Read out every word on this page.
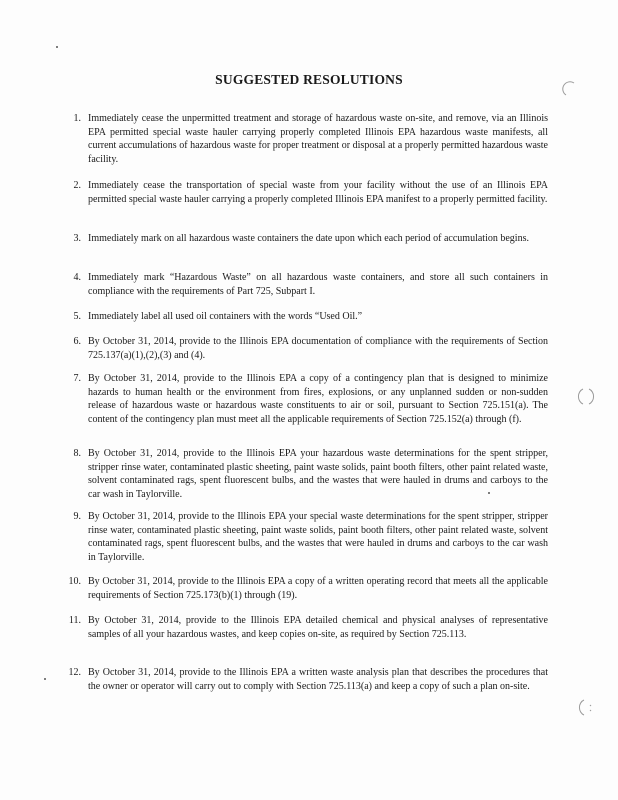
SUGGESTED RESOLUTIONS
1. Immediately cease the unpermitted treatment and storage of hazardous waste on-site, and remove, via an Illinois EPA permitted special waste hauler carrying properly completed Illinois EPA hazardous waste manifests, all current accumulations of hazardous waste for proper treatment or disposal at a properly permitted hazardous waste facility.
2. Immediately cease the transportation of special waste from your facility without the use of an Illinois EPA permitted special waste hauler carrying a properly completed Illinois EPA manifest to a properly permitted facility.
3. Immediately mark on all hazardous waste containers the date upon which each period of accumulation begins.
4. Immediately mark “Hazardous Waste” on all hazardous waste containers, and store all such containers in compliance with the requirements of Part 725, Subpart I.
5. Immediately label all used oil containers with the words “Used Oil.”
6. By October 31, 2014, provide to the Illinois EPA documentation of compliance with the requirements of Section 725.137(a)(1),(2),(3) and (4).
7. By October 31, 2014, provide to the Illinois EPA a copy of a contingency plan that is designed to minimize hazards to human health or the environment from fires, explosions, or any unplanned sudden or non-sudden release of hazardous waste or hazardous waste constituents to air or soil, pursuant to Section 725.151(a). The content of the contingency plan must meet all the applicable requirements of Section 725.152(a) through (f).
8. By October 31, 2014, provide to the Illinois EPA your hazardous waste determinations for the spent stripper, stripper rinse water, contaminated plastic sheeting, paint waste solids, paint booth filters, other paint related waste, solvent contaminated rags, spent fluorescent bulbs, and the wastes that were hauled in drums and carboys to the car wash in Taylorville.
9. By October 31, 2014, provide to the Illinois EPA your special waste determinations for the spent stripper, stripper rinse water, contaminated plastic sheeting, paint waste solids, paint booth filters, other paint related waste, solvent contaminated rags, spent fluorescent bulbs, and the wastes that were hauled in drums and carboys to the car wash in Taylorville.
10. By October 31, 2014, provide to the Illinois EPA a copy of a written operating record that meets all the applicable requirements of Section 725.173(b)(1) through (19).
11. By October 31, 2014, provide to the Illinois EPA detailed chemical and physical analyses of representative samples of all your hazardous wastes, and keep copies on-site, as required by Section 725.113.
12. By October 31, 2014, provide to the Illinois EPA a written waste analysis plan that describes the procedures that the owner or operator will carry out to comply with Section 725.113(a) and keep a copy of such a plan on-site.
